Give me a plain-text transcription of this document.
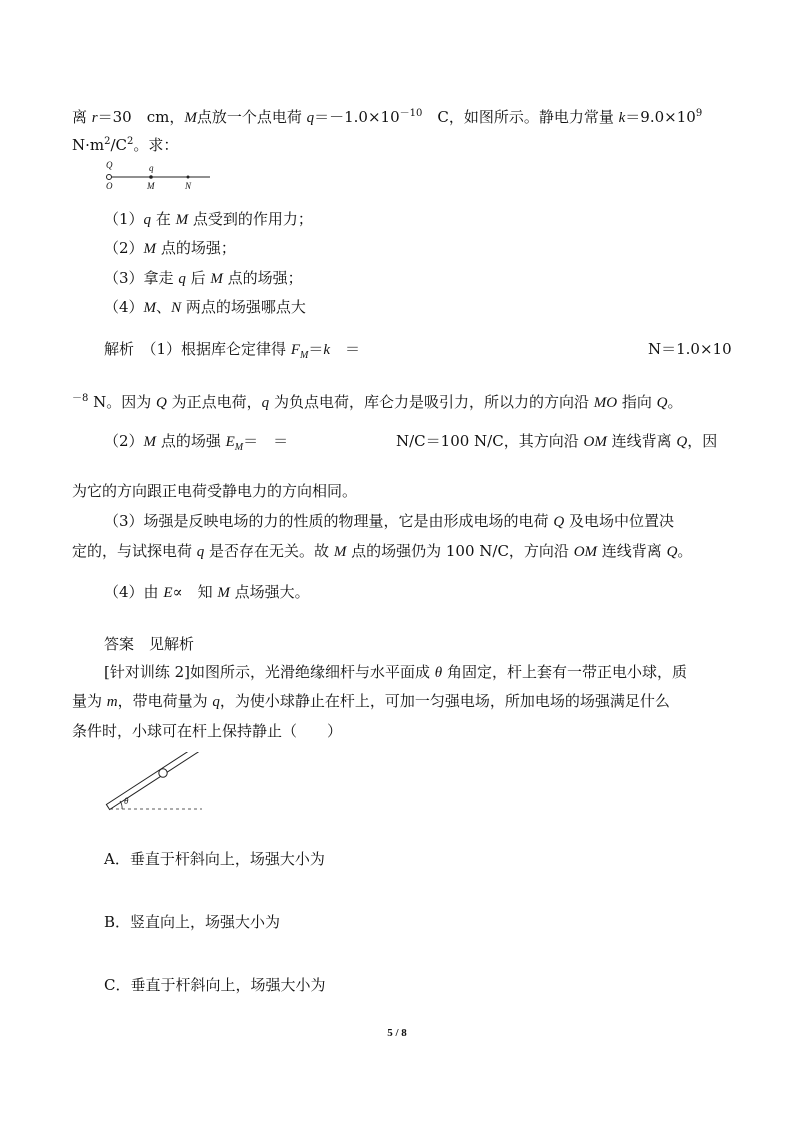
离 r＝30　cm，M点放一个点电荷 $q=-1.0\times 10^{-10}$　C，如图所示。静电力常量 $k=9.0\times 10^9$
$N\cdot m^2/C^2$。求：
Q	q
O	M	N
（1）q 在 M 点受到的作用力；
（2）M 点的场强；
（3）拿走 q 后 M 点的场强；
（4）M、N 两点的场强哪点大
解析　（1）根据库仑定律得 $F_M=k$　＝	N＝1.0×10
$^{-8}$ N。因为 Q 为正点电荷，q 为负点电荷，库仑力是吸引力，所以力的方向沿 MO 指向 Q。
（2）M 点的场强 $E_M=$　＝	N/C＝100 N/C，其方向沿 OM 连线背离 Q，因
为它的方向跟正电荷受静电力的方向相同。
（3）场强是反映电场的力的性质的物理量，它是由形成电场的电荷 Q 及电场中位置决
定的，与试探电荷 q 是否存在无关。故 M 点的场强仍为 100 N/C，方向沿 OM 连线背离 Q。
（4）由 E∝　知 M 点场强大。
答案　见解析
[针对训练 2]如图所示，光滑绝缘细杆与水平面成 θ 角固定，杆上套有一带正电小球，质
量为 m，带电荷量为 q，为使小球静止在杆上，可加一匀强电场，所加电场的场强满足什么
条件时，小球可在杆上保持静止（　　）
θ
A．垂直于杆斜向上，场强大小为
B．竖直向上，场强大小为
C．垂直于杆斜向上，场强大小为
5 / 8
